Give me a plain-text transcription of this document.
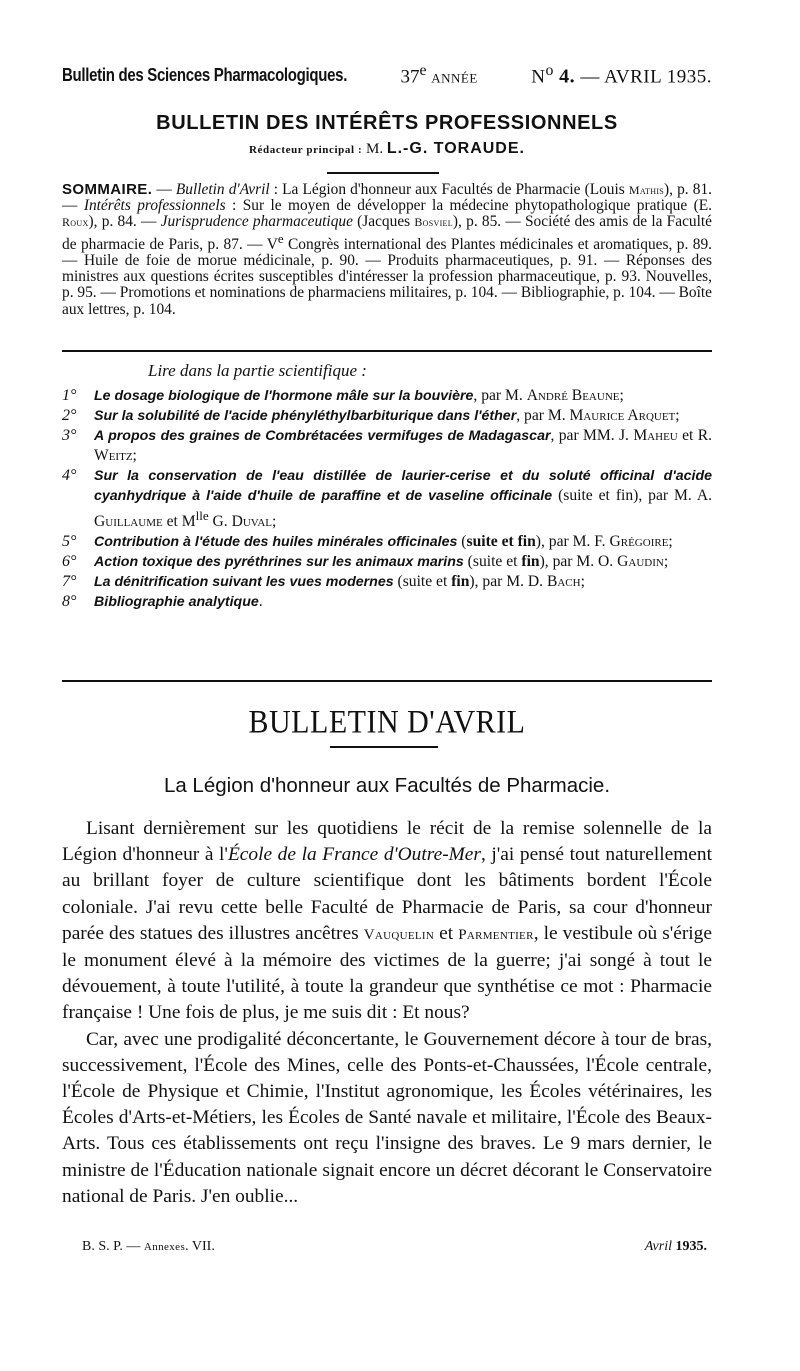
Bulletin des Sciences Pharmacologiques.	37e ANNÉE	$N^o$ 4. — AVRIL 1935.
BULLETIN DES INTÉRÊTS PROFESSIONNELS
Rédacteur principal : M. L.-G. TORAUDE.
SOMMAIRE. — Bulletin d'Avril : La Légion d'honneur aux Facultés de Pharmacie (Louis Mathis), p. 81. — Intérêts professionnels : Sur le moyen de développer la médecine phytopathologique pratique (E. Roux), p. 84. — Jurisprudence pharmaceutique (Jacques Bosviel), p. 85. — Société des amis de la Faculté de pharmacie de Paris, p. 87. — Ve Congrès international des Plantes médicinales et aromatiques, p. 89. — Huile de foie de morue médicinale, p. 90. — Produits pharmaceutiques, p. 91. — Réponses des ministres aux questions écrites susceptibles d'intéresser la profession pharmaceutique, p. 93. Nouvelles, p. 95. — Promotions et nominations de pharmaciens militaires, p. 104. — Bibliographie, p. 104. — Boîte aux lettres, p. 104.
Lire dans la partie scientifique :
1° Le dosage biologique de l'hormone mâle sur la bouvière, par M. André Beaune;
2° Sur la solubilité de l'acide phényléthylbarbiturique dans l'éther, par M. Maurice Arquet;
3° A propos des graines de Combrétacées vermifuges de Madagascar, par MM. J. Maheu et R. Weitz;
4° Sur la conservation de l'eau distillée de laurier-cerise et du soluté officinal d'acide cyanhydrique à l'aide d'huile de paraffine et de vaseline officinale (suite et fin), par M. A. Guillaume et $M^{lle}$ G. Duval;
5° Contribution à l'étude des huiles minérales officinales (suite et fin), par M. F. Grégoire;
6° Action toxique des pyréthrines sur les animaux marins (suite et fin), par M. O. Gaudin;
7° La dénitrification suivant les vues modernes (suite et fin), par M. D. Bach;
8° Bibliographie analytique.
BULLETIN D'AVRIL
La Légion d'honneur aux Facultés de Pharmacie.

Lisant dernièrement sur les quotidiens le récit de la remise solennelle de la Légion d'honneur à l'École de la France d'Outre-Mer, j'ai pensé tout naturellement au brillant foyer de culture scientifique dont les bâtiments bordent l'École coloniale. J'ai revu cette belle Faculté de Pharmacie de Paris, sa cour d'honneur parée des statues des illustres ancêtres Vauquelin et Parmentier, le vestibule où s'érige le monument élevé à la mémoire des victimes de la guerre; j'ai songé à tout le dévouement, à toute l'utilité, à toute la grandeur que synthétise ce mot : Pharmacie française ! Une fois de plus, je me suis dit : Et nous?

Car, avec une prodigalité déconcertante, le Gouvernement décore à tour de bras, successivement, l'École des Mines, celle des Ponts-et-Chaussées, l'École centrale, l'École de Physique et Chimie, l'Institut agronomique, les Écoles vétérinaires, les Écoles d'Arts-et-Métiers, les Écoles de Santé navale et militaire, l'École des Beaux-Arts. Tous ces établissements ont reçu l'insigne des braves. Le 9 mars dernier, le ministre de l'Éducation nationale signait encore un décret décorant le Conservatoire national de Paris. J'en oublie...

B. S. P. — Annexes. VII.	Avril 1935.
